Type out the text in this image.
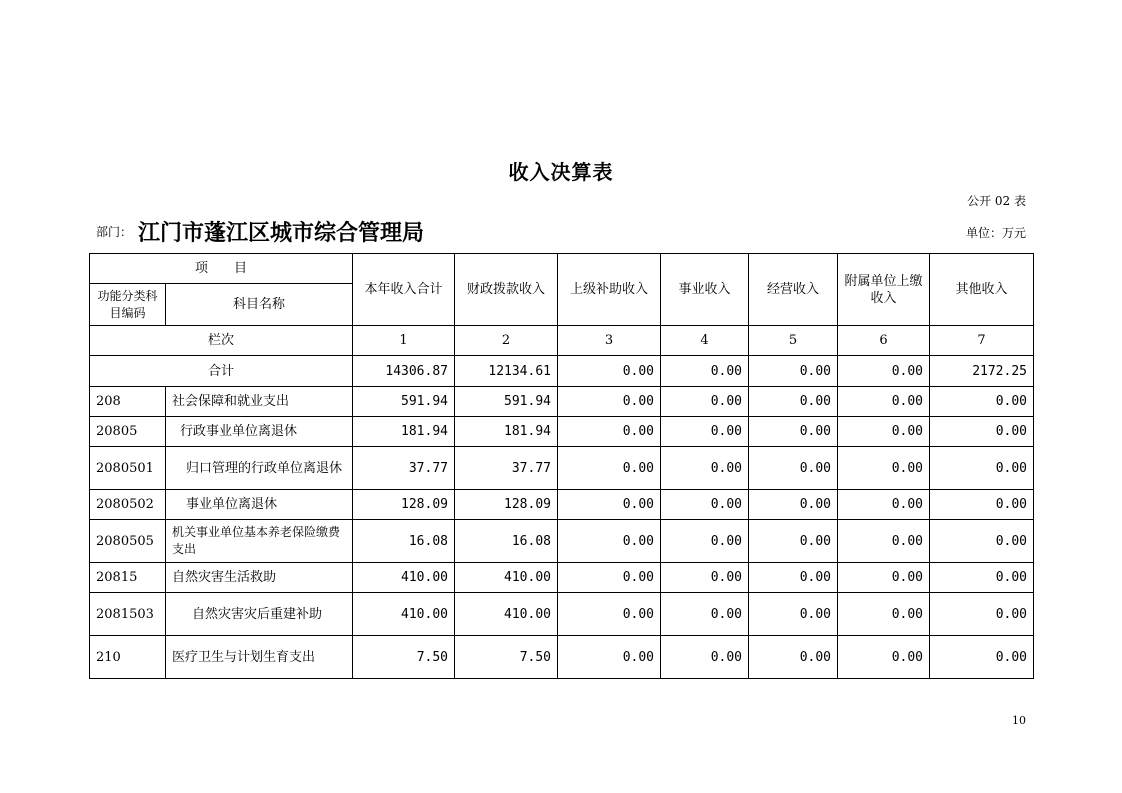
收入决算表
公开 02 表
部门： 江门市蓬江区城市综合管理局	单位：万元
项　　目		本年收入合计	财政拨款收入	上级补助收入	事业收入	经营收入	附属单位上缴收入	其他收入
功能分类科目编码	科目名称							
栏次		1	2	3	4	5	6	7
合计		14306.87	12134.61	0.00	0.00	0.00	0.00	2172.25
208	社会保障和就业支出	591.94	591.94	0.00	0.00	0.00	0.00	0.00
20805	行政事业单位离退休	181.94	181.94	0.00	0.00	0.00	0.00	0.00
2080501	归口管理的行政单位离退休	37.77	37.77	0.00	0.00	0.00	0.00	0.00
2080502	事业单位离退休	128.09	128.09	0.00	0.00	0.00	0.00	0.00
2080505	机关事业单位基本养老保险缴费支出	16.08	16.08	0.00	0.00	0.00	0.00	0.00
20815	自然灾害生活救助	410.00	410.00	0.00	0.00	0.00	0.00	0.00
2081503	自然灾害灾后重建补助	410.00	410.00	0.00	0.00	0.00	0.00	0.00
210	医疗卫生与计划生育支出	7.50	7.50	0.00	0.00	0.00	0.00	0.00
10
